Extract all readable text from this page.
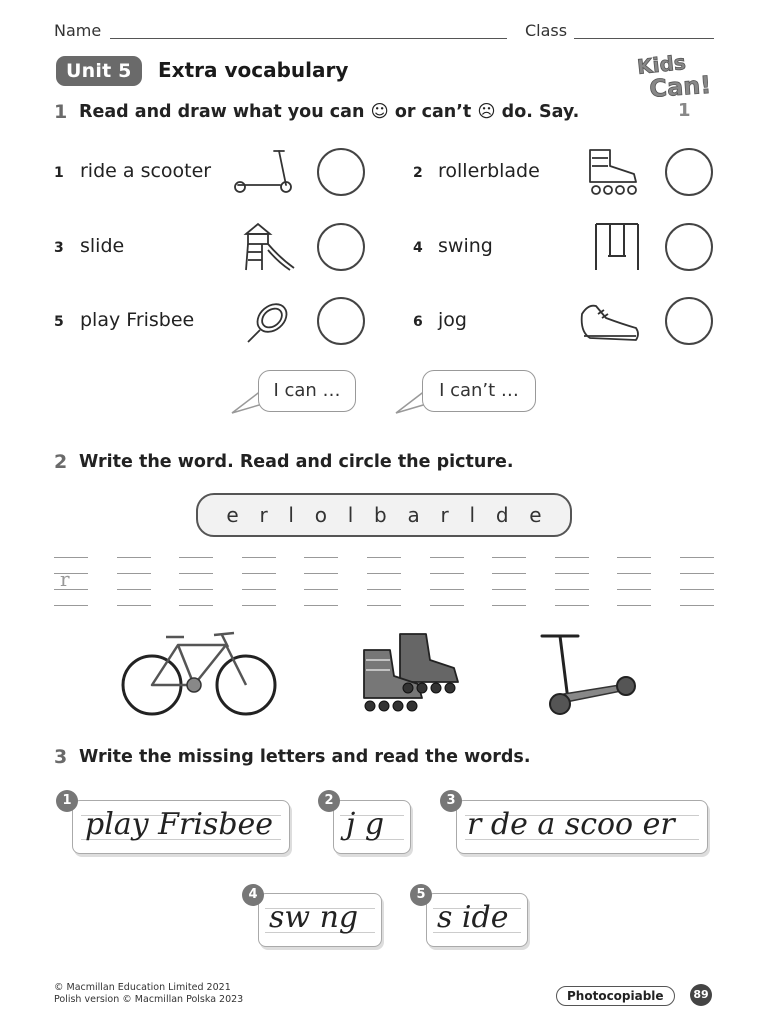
Name	Class
Unit 5	Extra vocabulary	Kids
Can!
1
1 Read and draw what you can ☺ or can’t ☹ do. Say.
1 ride a scooter	2 rollerblade
3 slide	4 swing
5 play Frisbee	6 jog
I can …	I can’t …
2 Write the word. Read and circle the picture.
e r l o l b a r l d e
r
3 Write the missing letters and read the words.
play Frisbee
1
j g
2
r de a scoo er
3
sw ng
4
s ide
5
© Macmillan Education Limited 2021
Polish version © Macmillan Polska 2023	Photocopiable	89
